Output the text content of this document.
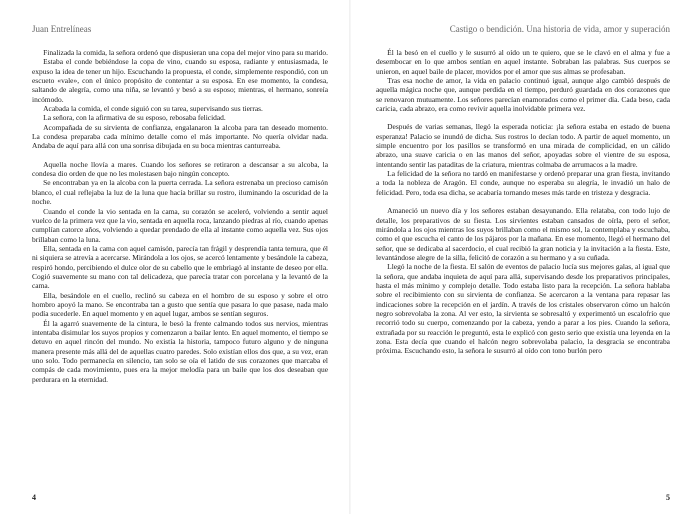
Juan Entrelíneas

Finalizada la comida, la señora ordenó que dispusieran una copa del mejor vino para su marido.

Estaba el conde bebiéndose la copa de vino, cuando su esposa, radiante y entusiasmada, le expuso la idea de tener un hijo. Escuchando la propuesta, el conde, simplemente respondió, con un escueto «vale», con el único propósito de contentar a su esposa. En ese momento, la condesa, saltando de alegría, como una niña, se levantó y besó a su esposo; mientras, el hermano, sonreía incómodo.

Acabada la comida, el conde siguió con su tarea, supervisando sus tierras.

La señora, con la afirmativa de su esposo, rebosaba felicidad.

Acompañada de su sirvienta de confianza, engalanaron la alcoba para tan deseado momento. La condesa preparaba cada mínimo detalle como el más importante. No quería olvidar nada. Andaba de aquí para allá con una sonrisa dibujada en su boca mientras canturreaba.

Aquella noche llovía a mares. Cuando los señores se retiraron a descansar a su alcoba, la condesa dio orden de que no les molestasen bajo ningún concepto.

Se encontraban ya en la alcoba con la puerta cerrada. La señora estrenaba un precioso camisón blanco, el cual reflejaba la luz de la luna que hacía brillar su rostro, iluminando la oscuridad de la noche.

Cuando el conde la vio sentada en la cama, su corazón se aceleró, volviendo a sentir aquel vuelco de la primera vez que la vio, sentada en aquella roca, lanzando piedras al río, cuando apenas cumplían catorce años, volviendo a quedar prendado de ella al instante como aquella vez. Sus ojos brillaban como la luna.

Ella, sentada en la cama con aquel camisón, parecía tan frágil y desprendía tanta ternura, que él ni siquiera se atrevía a acercarse. Mirándola a los ojos, se acercó lentamente y besándole la cabeza, respiró hondo, percibiendo el dulce olor de su cabello que le embriagó al instante de deseo por ella. Cogió suavemente su mano con tal delicadeza, que parecía tratar con porcelana y la levantó de la cama.

Ella, besándole en el cuello, reclinó su cabeza en el hombro de su esposo y sobre el otro hombro apoyó la mano. Se encontraba tan a gusto que sentía que pasara lo que pasase, nada malo podía sucederle. En aquel momento y en aquel lugar, ambos se sentían seguros.

Él la agarró suavemente de la cintura, le besó la frente calmando todos sus nervios, mientras intentaba disimular los suyos propios y comenzaron a bailar lento. En aquel momento, el tiempo se detuvo en aquel rincón del mundo. No existía la historia, tampoco futuro alguno y de ninguna manera presente más allá del de aquellas cuatro paredes. Solo existían ellos dos que, a su vez, eran uno solo. Todo permanecía en silencio, tan solo se oía el latido de sus corazones que marcaba el compás de cada movimiento, pues era la mejor melodía para un baile que los dos deseaban que perdurara en la eternidad.

4
Castigo o bendición. Una historia de vida, amor y superación

Él la besó en el cuello y le susurró al oído un te quiero, que se le clavó en el alma y fue a desembocar en lo que ambos sentían en aquel instante. Sobraban las palabras. Sus cuerpos se unieron, en aquel baile de placer, movidos por el amor que sus almas se profesaban.

Tras esa noche de amor, la vida en palacio continuó igual, aunque algo cambió después de aquella mágica noche que, aunque perdida en el tiempo, perduró guardada en dos corazones que se renovaron mutuamente. Los señores parecían enamorados como el primer día. Cada beso, cada caricia, cada abrazo, era como revivir aquella inolvidable primera vez.

Después de varias semanas, llegó la esperada noticia: ¡la señora estaba en estado de buena esperanza! Palacio se inundó de dicha. Sus rostros lo decían todo. A partir de aquel momento, un simple encuentro por los pasillos se transformó en una mirada de complicidad, en un cálido abrazo, una suave caricia o en las manos del señor, apoyadas sobre el vientre de su esposa, intentando sentir las pataditas de la criatura, mientras colmaba de arrumacos a la madre.

La felicidad de la señora no tardó en manifestarse y ordenó preparar una gran fiesta, invitando a toda la nobleza de Aragón. El conde, aunque no esperaba su alegría, le invadió un halo de felicidad. Pero, toda esa dicha, se acabaría tornando meses más tarde en tristeza y desgracia.

Amaneció un nuevo día y los señores estaban desayunando. Ella relataba, con todo lujo de detalle, los preparativos de su fiesta. Los sirvientes estaban cansados de oírla, pero el señor, mirándola a los ojos mientras los suyos brillaban como el mismo sol, la contemplaba y escuchaba, como el que escucha el canto de los pájaros por la mañana. En ese momento, llegó el hermano del señor, que se dedicaba al sacerdocio, el cual recibió la gran noticia y la invitación a la fiesta. Este, levantándose alegre de la silla, felicitó de corazón a su hermano y a su cuñada.

Llegó la noche de la fiesta. El salón de eventos de palacio lucía sus mejores galas, al igual que la señora, que andaba inquieta de aquí para allá, supervisando desde los preparativos principales, hasta el más mínimo y complejo detalle. Todo estaba listo para la recepción. La señora hablaba sobre el recibimiento con su sirvienta de confianza. Se acercaron a la ventana para repasar las indicaciones sobre la recepción en el jardín. A través de los cristales observaron cómo un halcón negro sobrevolaba la zona. Al ver esto, la sirvienta se sobresaltó y experimentó un escalofrío que recorrió todo su cuerpo, comenzando por la cabeza, yendo a parar a los pies. Cuando la señora, extrañada por su reacción le preguntó, esta le explicó con gesto serio que existía una leyenda en la zona. Esta decía que cuando el halcón negro sobrevolaba palacio, la desgracia se encontraba próxima. Escuchando esto, la señora le susurró al oído con tono burlón pero

5
